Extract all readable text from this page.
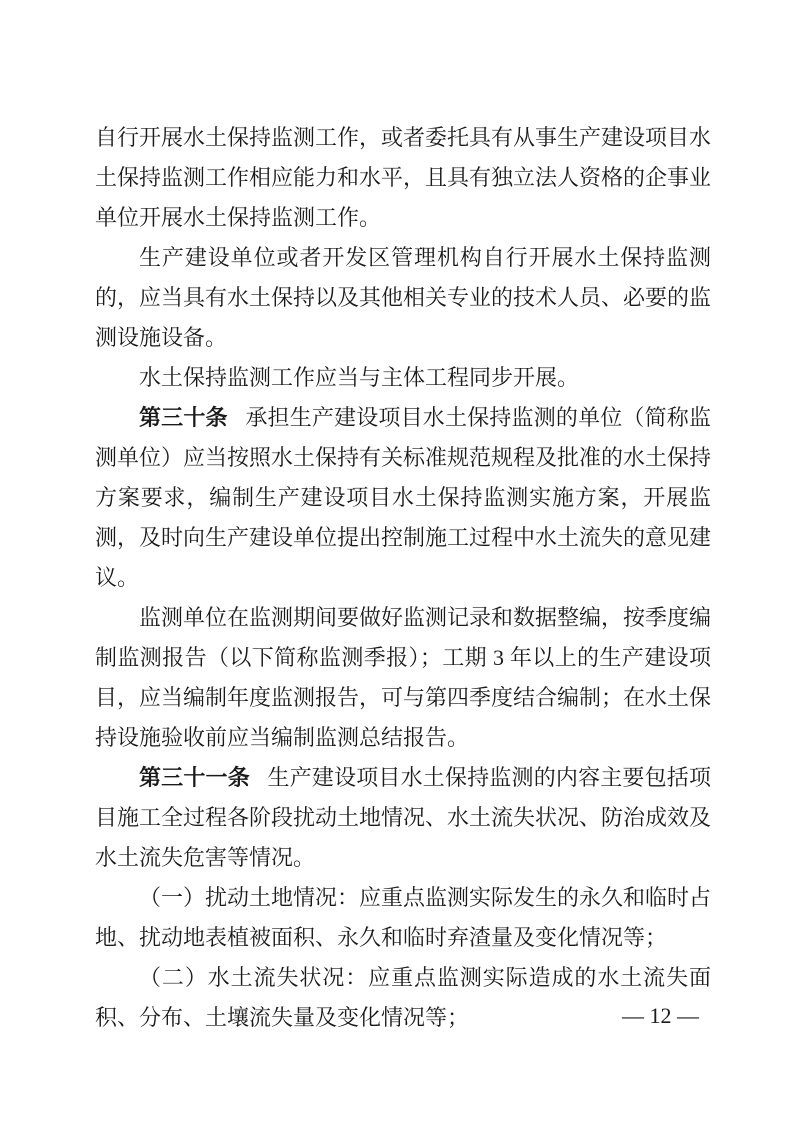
自行开展水土保持监测工作，或者委托具有从事生产建设项目水土保持监测工作相应能力和水平，且具有独立法人资格的企事业单位开展水土保持监测工作。

生产建设单位或者开发区管理机构自行开展水土保持监测的，应当具有水土保持以及其他相关专业的技术人员、必要的监测设施设备。

水土保持监测工作应当与主体工程同步开展。

第三十条 承担生产建设项目水土保持监测的单位（简称监测单位）应当按照水土保持有关标准规范规程及批准的水土保持方案要求，编制生产建设项目水土保持监测实施方案，开展监测，及时向生产建设单位提出控制施工过程中水土流失的意见建议。

监测单位在监测期间要做好监测记录和数据整编，按季度编制监测报告（以下简称监测季报）；工期 3 年以上的生产建设项目，应当编制年度监测报告，可与第四季度结合编制；在水土保持设施验收前应当编制监测总结报告。

第三十一条 生产建设项目水土保持监测的内容主要包括项目施工全过程各阶段扰动土地情况、水土流失状况、防治成效及水土流失危害等情况。

（一）扰动土地情况：应重点监测实际发生的永久和临时占地、扰动地表植被面积、永久和临时弃渣量及变化情况等；

（二）水土流失状况：应重点监测实际造成的水土流失面积、分布、土壤流失量及变化情况等；	— 12 —
